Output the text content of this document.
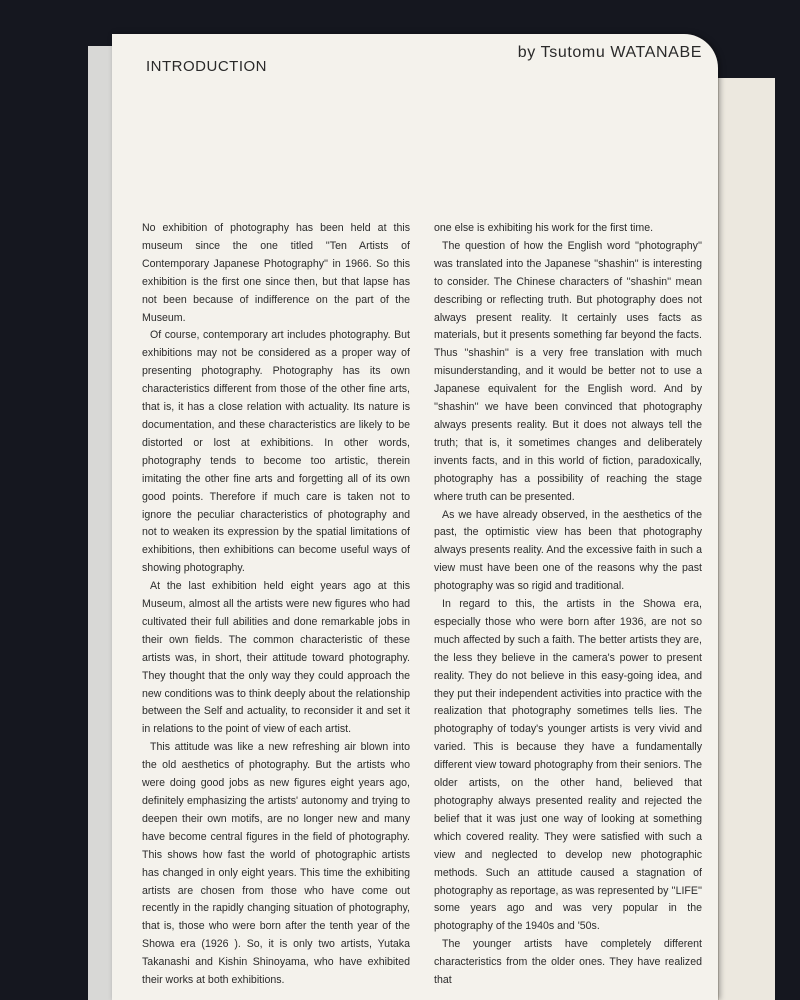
INTRODUCTION
by Tsutomu WATANABE

No exhibition of photography has been held at this museum since the one titled ''Ten Artists of Contemporary Japanese Photography'' in 1966. So this exhibition is the first one since then, but that lapse has not been because of indifference on the part of the Museum.

Of course, contemporary art includes photography. But exhibitions may not be considered as a proper way of presenting photography. Photography has its own characteristics different from those of the other fine arts, that is, it has a close relation with actuality. Its nature is documentation, and these characteristics are likely to be distorted or lost at exhibitions. In other words, photography tends to become too artistic, therein imitating the other fine arts and forgetting all of its own good points. Therefore if much care is taken not to ignore the peculiar characteristics of photography and not to weaken its expression by the spatial limitations of exhibitions, then exhibitions can become useful ways of showing photography.

At the last exhibition held eight years ago at this Museum, almost all the artists were new figures who had cultivated their full abilities and done remarkable jobs in their own fields. The common characteristic of these artists was, in short, their attitude toward photography. They thought that the only way they could approach the new conditions was to think deeply about the relationship between the Self and actuality, to reconsider it and set it in relations to the point of view of each artist.

This attitude was like a new refreshing air blown into the old aesthetics of photography. But the artists who were doing good jobs as new figures eight years ago, definitely emphasizing the artists' autonomy and trying to deepen their own motifs, are no longer new and many have become central figures in the field of photography. This shows how fast the world of photographic artists has changed in only eight years. This time the exhibiting artists are chosen from those who have come out recently in the rapidly changing situation of photography, that is, those who were born after the tenth year of the Showa era (1926 ). So, it is only two artists, Yutaka Takanashi and Kishin Shinoyama, who have exhibited their works at both exhibitions.

one else is exhibiting his work for the first time.

The question of how the English word ''photography'' was translated into the Japanese ''shashin'' is interesting to consider. The Chinese characters of ''shashin'' mean describing or reflecting truth. But photography does not always present reality. It certainly uses facts as materials, but it presents something far beyond the facts. Thus ''shashin'' is a very free translation with much misunderstanding, and it would be better not to use a Japanese equivalent for the English word. And by ''shashin'' we have been convinced that photography always presents reality. But it does not always tell the truth; that is, it sometimes changes and deliberately invents facts, and in this world of fiction, paradoxically, photography has a possibility of reaching the stage where truth can be presented.

As we have already observed, in the aesthetics of the past, the optimistic view has been that photography always presents reality. And the excessive faith in such a view must have been one of the reasons why the past photography was so rigid and traditional.

In regard to this, the artists in the Showa era, especially those who were born after 1936, are not so much affected by such a faith. The better artists they are, the less they believe in the camera's power to present reality. They do not believe in this easy-going idea, and they put their independent activities into practice with the realization that photography sometimes tells lies. The photography of today's younger artists is very vivid and varied. This is because they have a fundamentally different view toward photography from their seniors. The older artists, on the other hand, believed that photography always presented reality and rejected the belief that it was just one way of looking at something which covered reality. They were satisfied with such a view and neglected to develop new photographic methods. Such an attitude caused a stagnation of photography as reportage, as was represented by ''LIFE'' some years ago and was very popular in the photography of the 1940s and '50s.

The younger artists have completely different characteristics from the older ones. They have realized that
